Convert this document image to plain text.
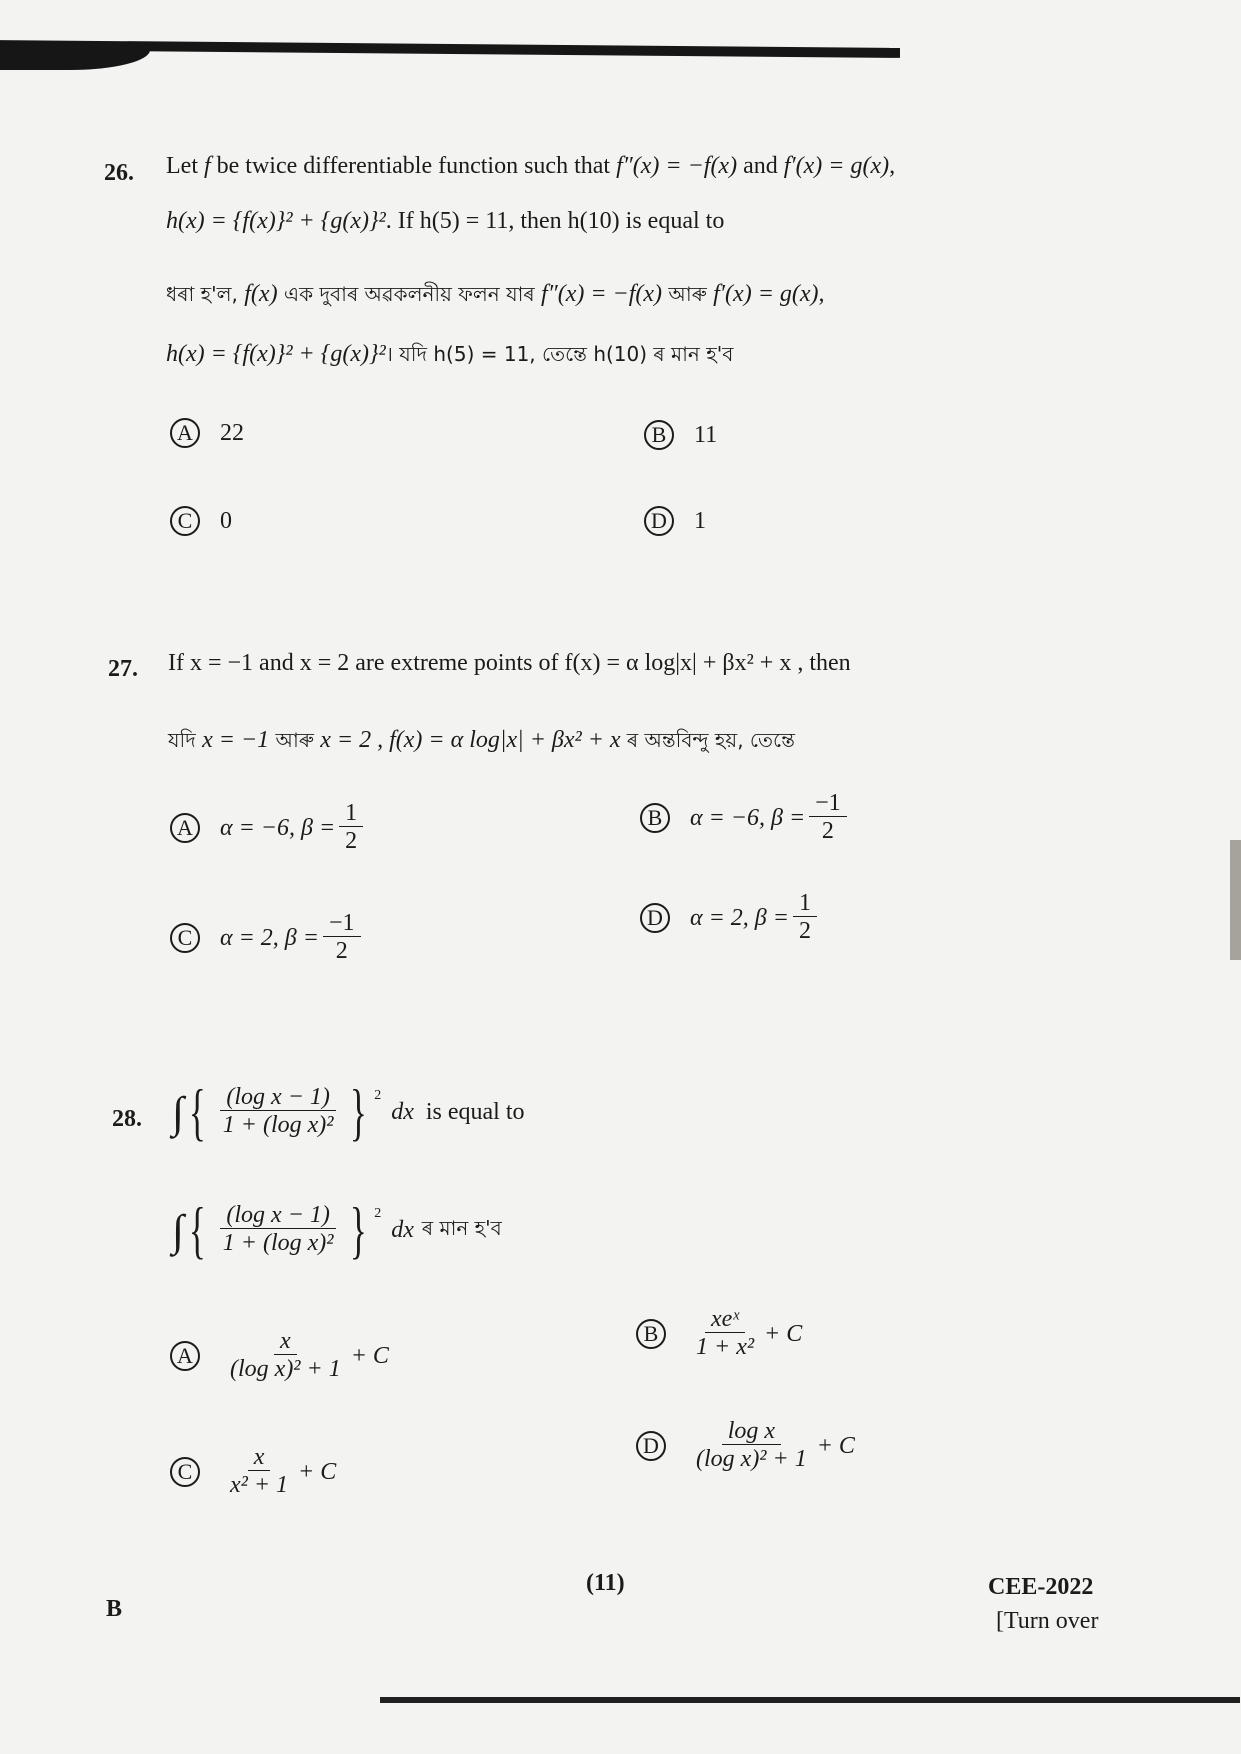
26. Let f be twice differentiable function such that f″(x) = −f(x) and f′(x) = g(x),
h(x) = {f(x)}² + {g(x)}². If h(5) = 11, then h(10) is equal to
ধৰা হ'ল, f(x) এক দুবাৰ অৱকলনীয় ফলন যাৰ f″(x) = −f(x) আৰু f′(x) = g(x),
h(x) = {f(x)}² + {g(x)}²। যদি h(5) = 11, তেন্তে h(10) ৰ মান হ'ব
A 22	B	11
C	0	D 1
27. If x = −1 and x = 2 are extreme points of f(x) = α log|x| + βx² + x , then
যদি x = −1 আৰু x = 2 , f(x) = α log|x| + βx² + x ৰ অন্তবিন্দু হয়, তেন্তে
A α = −6, $\beta = \frac{1}{2}$	B	α = −6, $\beta = \frac{-1}{2}$
C	α = 2, $\beta = \frac{-1}{2}$	D α = 2, $\beta = \frac{1}{2}$
28. ∫ { $\frac{\text{(log x − 1)}}{\text{1 + (log x)²}}$ } $^2$
dx is equal to
∫ { $\frac{\text{(log x − 1)}}{\text{1 + (log x)²}}$ } $^2$
dx ৰ মান হ'ব
A $\frac{x}{\text{(log x)² + 1}} + C$
B	$\frac{\text{xeˣ}}{\text{1 + x²}} + C$
C	$\frac{x}{\text{x² + 1}} + C$
D $\frac{\text{log x}}{\text{(log x)² + 1}} + C$
(11)
B
CEE-2022
[Turn over
